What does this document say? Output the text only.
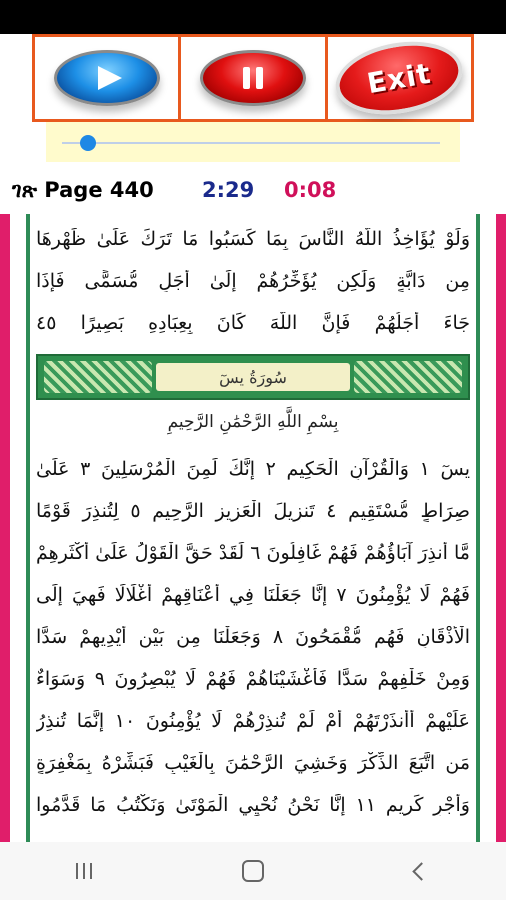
Exit
ገጽ Page 440 2:29 0:08
وَلَوْ يُؤَاخِذُ اللَّهُ النَّاسَ بِمَا كَسَبُوا مَا تَرَكَ عَلَىٰ ظَهْرِهَا
مِن دَابَّةٍ وَلَٰكِن يُؤَخِّرُهُمْ إِلَىٰ أَجَلٍ مُّسَمًّى فَإِذَا
جَاءَ أَجَلُهُمْ فَإِنَّ اللَّهَ كَانَ بِعِبَادِهِ بَصِيرًا ٤٥
سُورَةُ يسٓ
بِسْمِ اللَّهِ الرَّحْمَٰنِ الرَّحِيمِ
يسٓ ١ وَالْقُرْآنِ الْحَكِيمِ ٢ إِنَّكَ لَمِنَ الْمُرْسَلِينَ ٣ عَلَىٰ
صِرَاطٍ مُّسْتَقِيمٍ ٤ تَنزِيلَ الْعَزِيزِ الرَّحِيمِ ٥ لِتُنذِرَ قَوْمًا
مَّا أُنذِرَ آبَاؤُهُمْ فَهُمْ غَافِلُونَ ٦ لَقَدْ حَقَّ الْقَوْلُ عَلَىٰ أَكْثَرِهِمْ
فَهُمْ لَا يُؤْمِنُونَ ٧ إِنَّا جَعَلْنَا فِي أَعْنَاقِهِمْ أَغْلَالًا فَهِيَ إِلَى
الْأَذْقَانِ فَهُم مُّقْمَحُونَ ٨ وَجَعَلْنَا مِن بَيْنِ أَيْدِيهِمْ سَدًّا
وَمِنْ خَلْفِهِمْ سَدًّا فَأَغْشَيْنَاهُمْ فَهُمْ لَا يُبْصِرُونَ ٩ وَسَوَاءٌ
عَلَيْهِمْ أَأَنذَرْتَهُمْ أَمْ لَمْ تُنذِرْهُمْ لَا يُؤْمِنُونَ ١٠ إِنَّمَا تُنذِرُ
مَنِ اتَّبَعَ الذِّكْرَ وَخَشِيَ الرَّحْمَٰنَ بِالْغَيْبِ فَبَشِّرْهُ بِمَغْفِرَةٍ
وَأَجْرٍ كَرِيمٍ ١١ إِنَّا نَحْنُ نُحْيِي الْمَوْتَىٰ وَنَكْتُبُ مَا قَدَّمُوا
